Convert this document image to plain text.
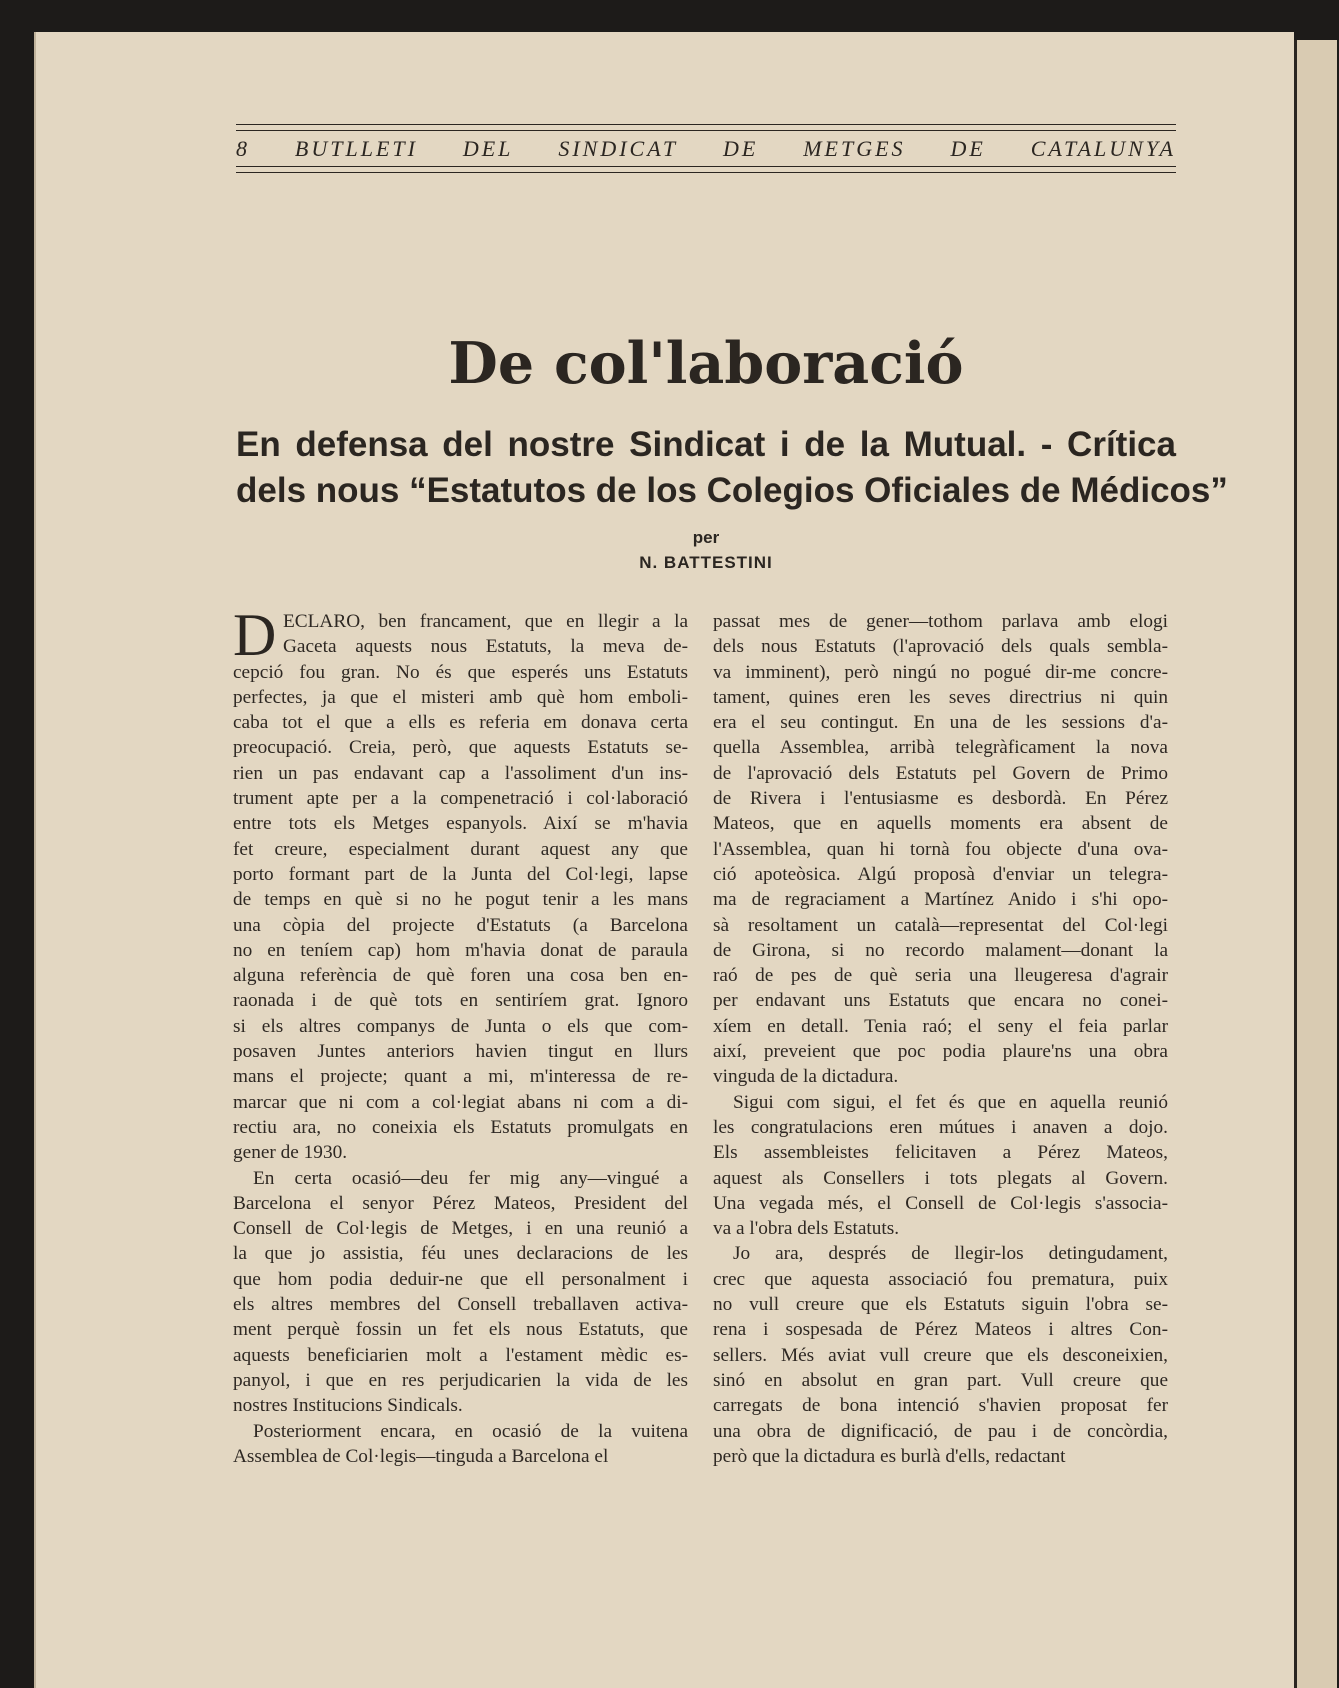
8 BUTLLETI DEL SINDICAT DE METGES DE CATALUNYA
De col'laboració
En defensa del nostre Sindicat i de la Mutual. - Crítica
dels nous “Estatutos de los Colegios Oficiales de Médicos”
per
N. BATTESTINI
D ECLARO, ben francament, que en llegir a la
Gaceta aquests nous Estatuts, la meva de-
cepció fou gran. No és que esperés uns Estatuts
perfectes, ja que el misteri amb què hom emboli-
caba tot el que a ells es referia em donava certa
preocupació. Creia, però, que aquests Estatuts se-
rien un pas endavant cap a l'assoliment d'un ins-
trument apte per a la compenetració i col·laboració
entre tots els Metges espanyols. Així se m'havia
fet creure, especialment durant aquest any que
porto formant part de la Junta del Col·legi, lapse
de temps en què si no he pogut tenir a les mans
una còpia del projecte d'Estatuts (a Barcelona
no en teníem cap) hom m'havia donat de paraula
alguna referència de què foren una cosa ben en-
raonada i de què tots en sentiríem grat. Ignoro
si els altres companys de Junta o els que com-
posaven Juntes anteriors havien tingut en llurs
mans el projecte; quant a mi, m'interessa de re-
marcar que ni com a col·legiat abans ni com a di-
rectiu ara, no coneixia els Estatuts promulgats en
gener de 1930.
En certa ocasió—deu fer mig any—vingué a
Barcelona el senyor Pérez Mateos, President del
Consell de Col·legis de Metges, i en una reunió a
la que jo assistia, féu unes declaracions de les
que hom podia deduir-ne que ell personalment i
els altres membres del Consell treballaven activa-
ment perquè fossin un fet els nous Estatuts, que
aquests beneficiarien molt a l'estament mèdic es-
panyol, i que en res perjudicarien la vida de les
nostres Institucions Sindicals.
Posteriorment encara, en ocasió de la vuitena
Assemblea de Col·legis—tinguda a Barcelona el
passat mes de gener—tothom parlava amb elogi
dels nous Estatuts (l'aprovació dels quals sembla-
va imminent), però ningú no pogué dir-me concre-
tament, quines eren les seves directrius ni quin
era el seu contingut. En una de les sessions d'a-
quella Assemblea, arribà telegràficament la nova
de l'aprovació dels Estatuts pel Govern de Primo
de Rivera i l'entusiasme es desbordà. En Pérez
Mateos, que en aquells moments era absent de
l'Assemblea, quan hi tornà fou objecte d'una ova-
ció apoteòsica. Algú proposà d'enviar un telegra-
ma de regraciament a Martínez Anido i s'hi opo-
sà resoltament un català—representat del Col·legi
de Girona, si no recordo malament—donant la
raó de pes de què seria una lleugeresa d'agrair
per endavant uns Estatuts que encara no conei-
xíem en detall. Tenia raó; el seny el feia parlar
així, preveient que poc podia plaure'ns una obra
vinguda de la dictadura.
Sigui com sigui, el fet és que en aquella reunió
les congratulacions eren mútues i anaven a dojo.
Els assembleistes felicitaven a Pérez Mateos,
aquest als Consellers i tots plegats al Govern.
Una vegada més, el Consell de Col·legis s'associa-
va a l'obra dels Estatuts.
Jo ara, després de llegir-los detingudament,
crec que aquesta associació fou prematura, puix
no vull creure que els Estatuts siguin l'obra se-
rena i sospesada de Pérez Mateos i altres Con-
sellers. Més aviat vull creure que els desconeixien,
sinó en absolut en gran part. Vull creure que
carregats de bona intenció s'havien proposat fer
una obra de dignificació, de pau i de concòrdia,
però que la dictadura es burlà d'ells, redactant
